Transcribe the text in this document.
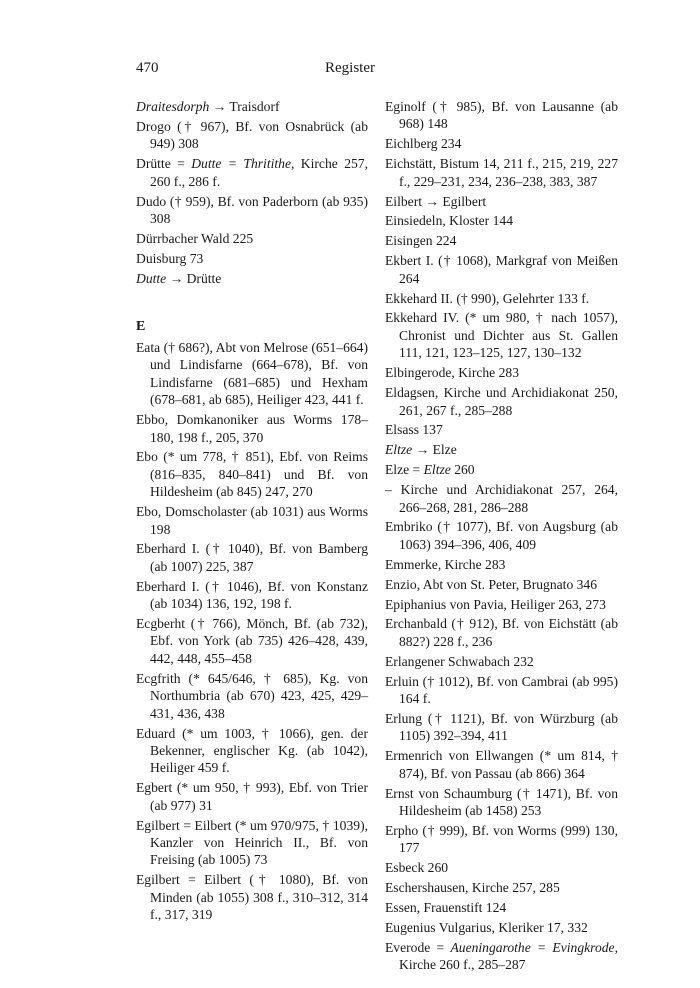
470	Register

Draitesdorph → Traisdorf

Drogo († 967), Bf. von Osnabrück (ab 949) 308

Drütte = Dutte = Thritithe, Kirche 257, 260 f., 286 f.

Dudo († 959), Bf. von Paderborn (ab 935) 308

Dürrbacher Wald 225

Duisburg 73

Dutte → Drütte

E

Eata († 686?), Abt von Melrose (651–664) und Lindisfarne (664–678), Bf. von Lindisfarne (681–685) und Hexham (678–681, ab 685), Heiliger 423, 441 f.

Ebbo, Domkanoniker aus Worms 178–180, 198 f., 205, 370

Ebo (* um 778, † 851), Ebf. von Reims (816–835, 840–841) und Bf. von Hildesheim (ab 845) 247, 270

Ebo, Domscholaster (ab 1031) aus Worms 198

Eberhard I. († 1040), Bf. von Bamberg (ab 1007) 225, 387

Eberhard I. († 1046), Bf. von Konstanz (ab 1034) 136, 192, 198 f.

Ecgberht († 766), Mönch, Bf. (ab 732), Ebf. von York (ab 735) 426–428, 439, 442, 448, 455–458

Ecgfrith (* 645/646, † 685), Kg. von Northumbria (ab 670) 423, 425, 429–431, 436, 438

Eduard (* um 1003, † 1066), gen. der Bekenner, englischer Kg. (ab 1042), Heiliger 459 f.

Egbert (* um 950, † 993), Ebf. von Trier (ab 977) 31

Egilbert = Eilbert (* um 970/975, † 1039), Kanzler von Heinrich II., Bf. von Freising (ab 1005) 73

Egilbert = Eilbert († 1080), Bf. von Minden (ab 1055) 308 f., 310–312, 314 f., 317, 319

Eginolf († 985), Bf. von Lausanne (ab 968) 148

Eichlberg 234

Eichstätt, Bistum 14, 211 f., 215, 219, 227 f., 229–231, 234, 236–238, 383, 387

Eilbert → Egilbert

Einsiedeln, Kloster 144

Eisingen 224

Ekbert I. († 1068), Markgraf von Meißen 264

Ekkehard II. († 990), Gelehrter 133 f.

Ekkehard IV. (* um 980, † nach 1057), Chronist und Dichter aus St. Gallen 111, 121, 123–125, 127, 130–132

Elbingerode, Kirche 283

Eldagsen, Kirche und Archidiakonat 250, 261, 267 f., 285–288

Elsass 137

Eltze → Elze

Elze = Eltze 260

– Kirche und Archidiakonat 257, 264, 266–268, 281, 286–288

Embriko († 1077), Bf. von Augsburg (ab 1063) 394–396, 406, 409

Emmerke, Kirche 283

Enzio, Abt von St. Peter, Brugnato 346

Epiphanius von Pavia, Heiliger 263, 273

Erchanbald († 912), Bf. von Eichstätt (ab 882?) 228 f., 236

Erlangener Schwabach 232

Erluin († 1012), Bf. von Cambrai (ab 995) 164 f.

Erlung († 1121), Bf. von Würzburg (ab 1105) 392–394, 411

Ermenrich von Ellwangen (* um 814, † 874), Bf. von Passau (ab 866) 364

Ernst von Schaumburg († 1471), Bf. von Hildesheim (ab 1458) 253

Erpho († 999), Bf. von Worms (999) 130, 177

Esbeck 260

Eschershausen, Kirche 257, 285

Essen, Frauenstift 124

Eugenius Vulgarius, Kleriker 17, 332

Everode = Aueningarothe = Evingkrode, Kirche 260 f., 285–287
